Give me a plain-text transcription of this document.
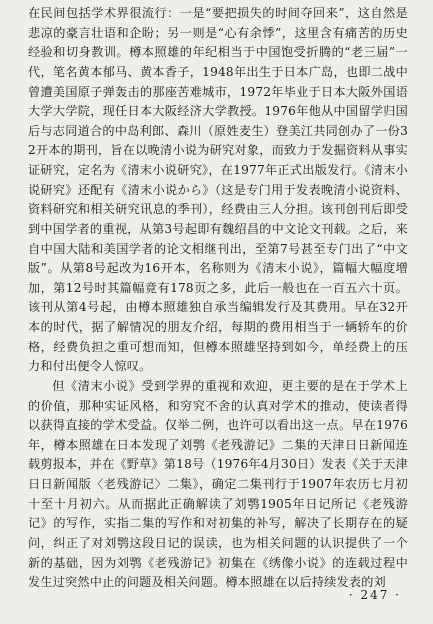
在民间包括学术界很流行：一是“要把损失的时间夺回来”，这自然是悲凉的豪言壮语和企盼；另一则是“心有余悸”，这里含有痛苦的历史经验和切身教训。樽本照雄的年纪相当于中国饱受折腾的“老三届”一代，笔名黄本郁马、黄本香子，1948年出生于日本广岛，也即二战中曾遭美国原子弹轰击的那座苦难城市，1972年毕业于日本大阪外国语大学大学院，现任日本大阪经济大学教授。1976年他从中国留学归国后与志同道合的中岛利郎、森川（原姓麦生）登美江共同创办了一份32开本的期刊，旨在以晚清小说为研究对象，而致力于发掘资料从事实证研究，定名为《清末小说研究》，在1977年正式出版发行。《清末小说研究》还配有《清末小说から》（这是专门用于发表晚清小说资料、资料研究和相关研究讯息的季刊），经费由三人分担。该刊创刊后即受到中国学者的重视，从第3号起即有魏绍昌的中文论文刊载。之后，来自中国大陆和美国学者的论文相继刊出，至第7号甚至专门出了“中文版”。从第8号起改为16开本，名称则为《清末小说》，篇幅大幅度增加，第12号时其篇幅竟有178页之多，此后一般也在一百五六十页。该刊从第4号起，由樽本照雄独自承当编辑发行及其费用。早在32开本的时代，据了解情况的朋友介绍，每期的费用相当于一辆轿车的价格，经费负担之重可想而知，但樽本照雄坚持到如今，单经费上的压力和付出便令人惊叹。

但《清末小说》受到学界的重视和欢迎，更主要的是在于学术上的价值，那种实证风格，和穷究不舍的认真对学术的推动，使读者得以获得直接的学术受益。仅举二例，也许可以看出这一点。早在1976年，樽本照雄在日本发现了刘鹗《老残游记》二集的天津日日新闻连载剪报本，并在《野草》第18号（1976年4月30日）发表《关于天津日日新闻版〈老残游记〉二集》，确定二集刊行于1907年农历七月初十至十月初六。从而据此正确解读了刘鹗1905年日记所记《老残游记》的写作，实指二集的写作和对初集的补写，解决了长期存在的疑问，纠正了对刘鹗这段日记的误读，也为相关问题的认识提供了一个新的基础，因为刘鹗《老残游记》初集在《绣像小说》的连载过程中发生过突然中止的问题及相关问题。樽本照雄在以后持续发表的刘

· 247 ·
